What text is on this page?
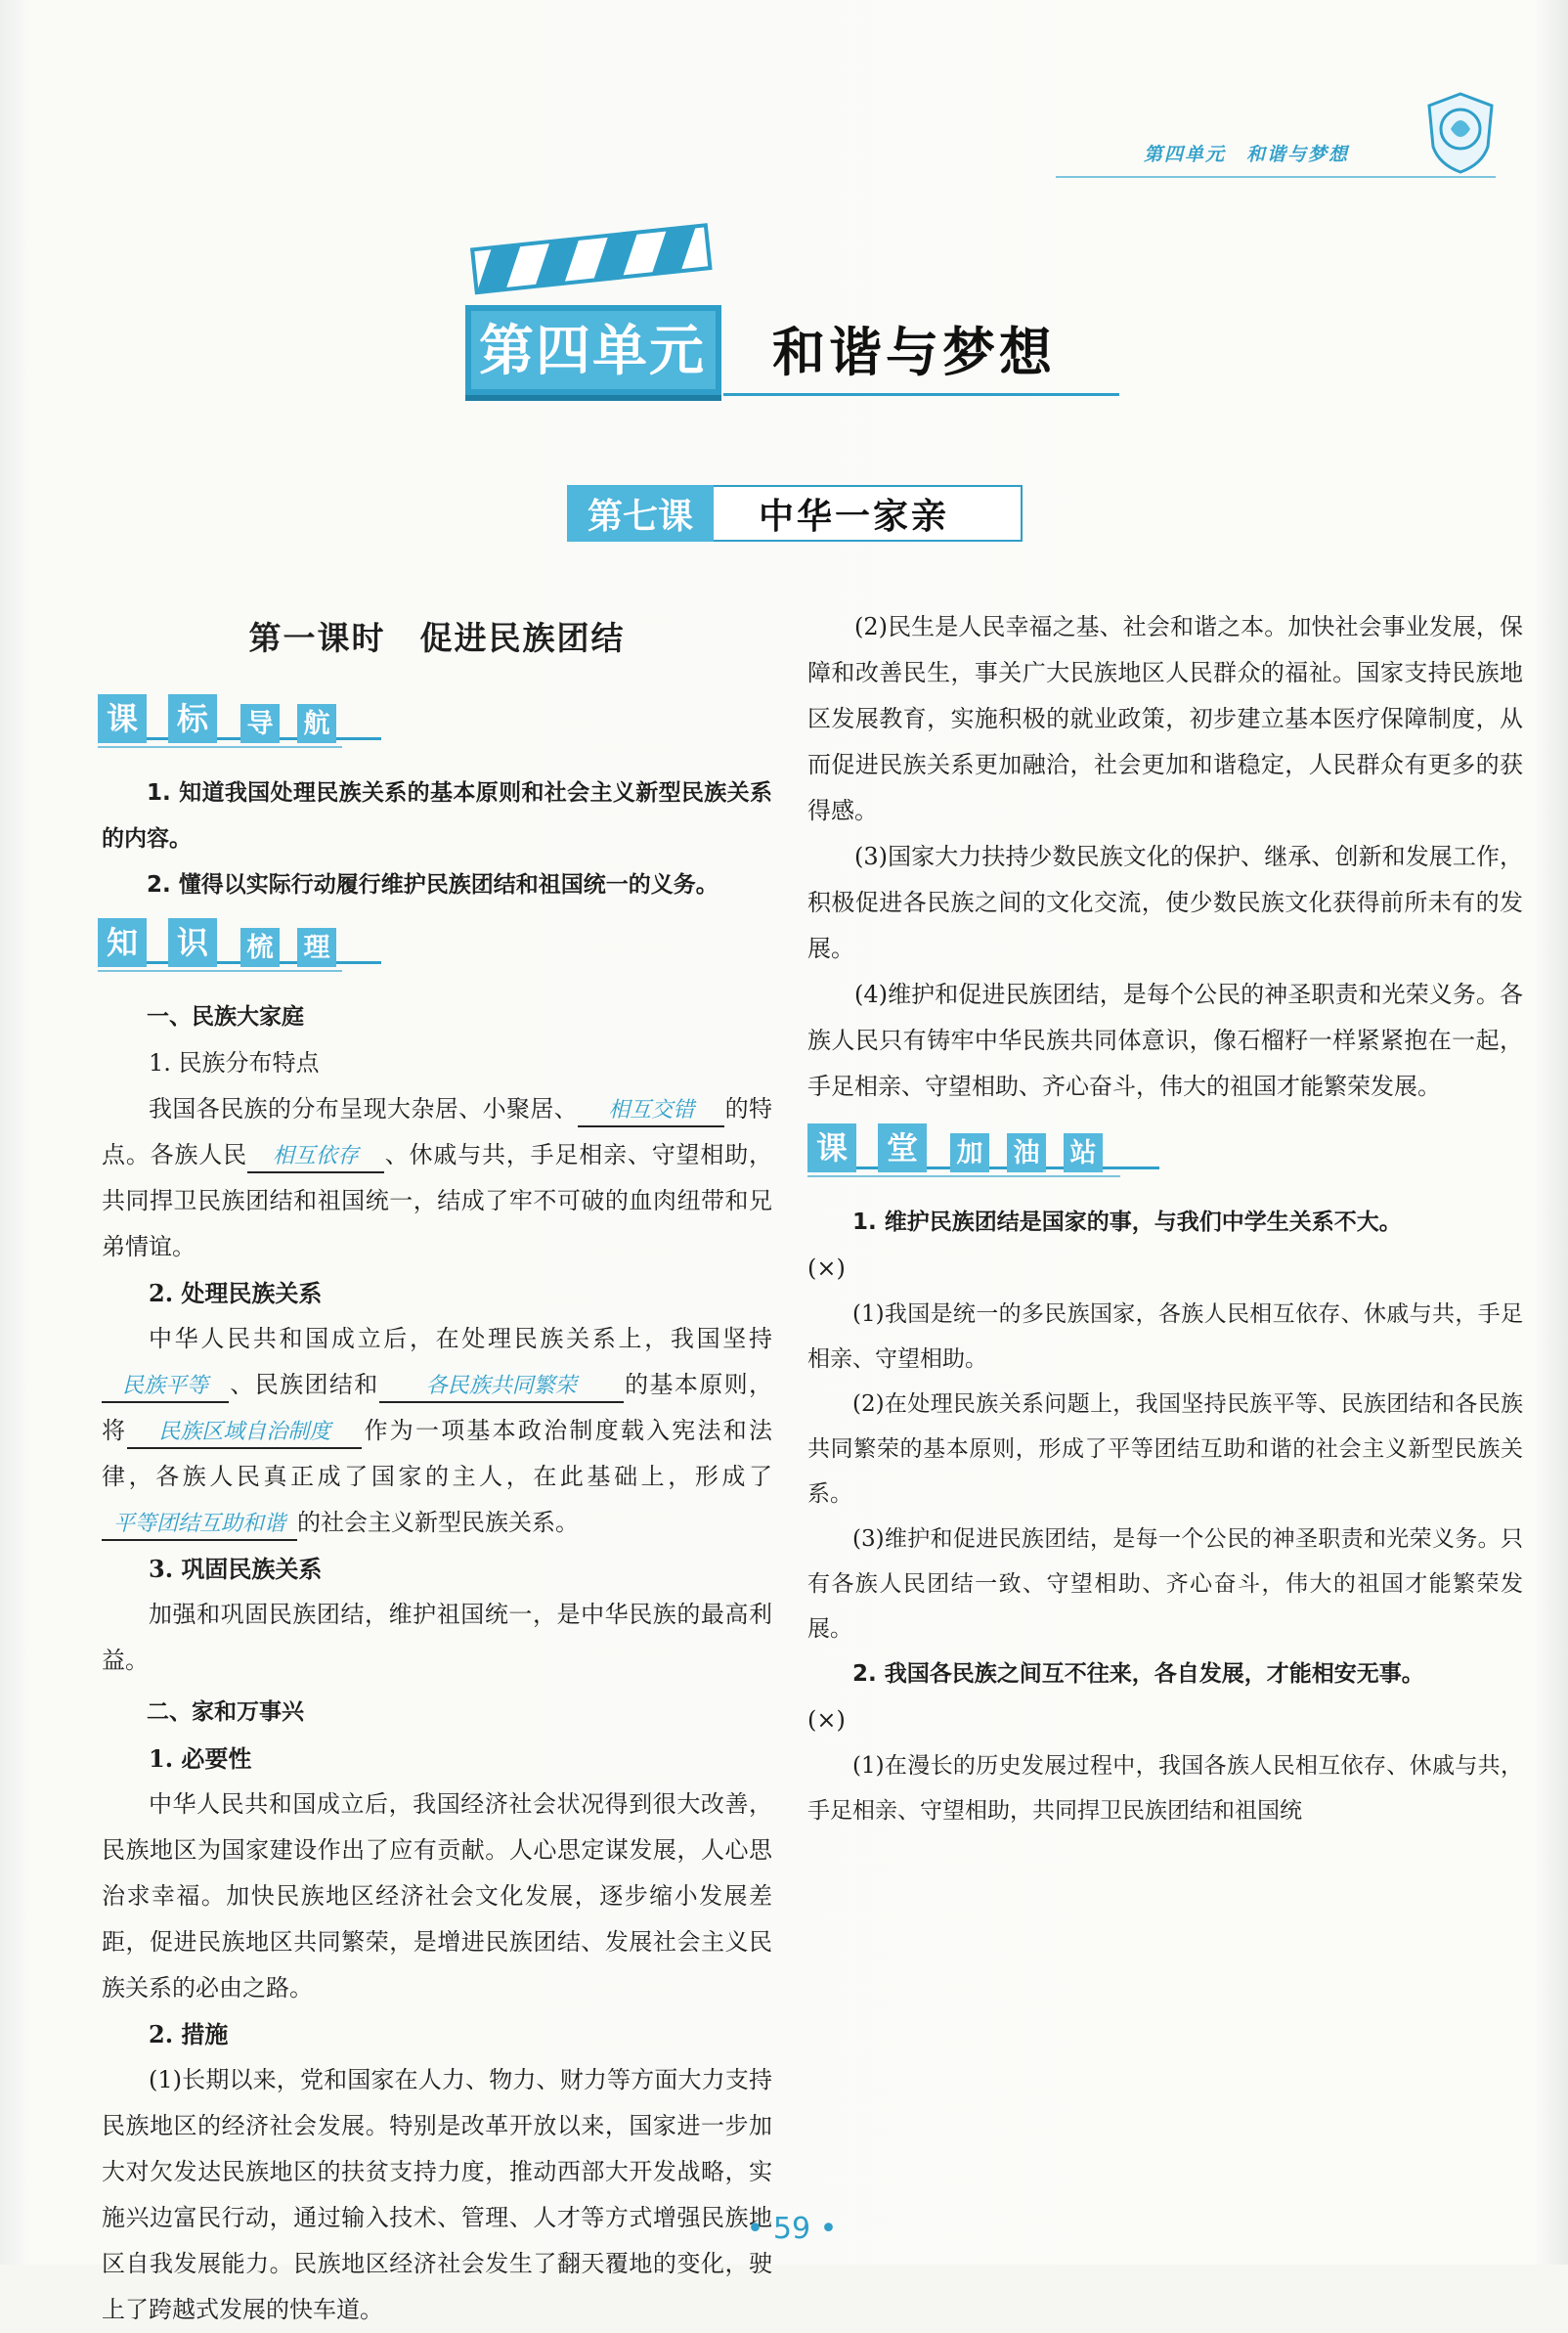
第四单元　和谐与梦想
第四单元 和谐与梦想
第七课	中华一家亲
第一课时　促进民族团结
课 标	导 航

1. 知道我国处理民族关系的基本原则和社会主义新型民族关系的内容。

2. 懂得以实际行动履行维护民族团结和祖国统一的义务。

知 识	梳 理

一、民族大家庭

1. 民族分布特点

我国各民族的分布呈现大杂居、小聚居、 相互交错 的特点。各族人民 相互依存 、休戚与共，手足相亲、守望相助，共同捍卫民族团结和祖国统一，结成了牢不可破的血肉纽带和兄弟情谊。

2. 处理民族关系

中华人民共和国成立后，在处理民族关系上，我国坚持民族平等 、民族团结和 各民族共同繁荣 的基本原则，将 民族区域自治制度 作为一项基本政治制度载入宪法和法律，各族人民真正成了国家的主人，在此基础上，形成了平等团结互助和谐 的社会主义新型民族关系。

3. 巩固民族关系

加强和巩固民族团结，维护祖国统一，是中华民族的最高利益。

二、家和万事兴

1. 必要性

中华人民共和国成立后，我国经济社会状况得到很大改善，民族地区为国家建设作出了应有贡献。人心思定谋发展，人心思治求幸福。加快民族地区经济社会文化发展，逐步缩小发展差距，促进民族地区共同繁荣，是增进民族团结、发展社会主义民族关系的必由之路。

2. 措施

(1)长期以来，党和国家在人力、物力、财力等方面大力支持民族地区的经济社会发展。特别是改革开放以来，国家进一步加大对欠发达民族地区的扶贫支持力度，推动西部大开发战略，实施兴边富民行动，通过输入技术、管理、人才等方式增强民族地区自我发展能力。民族地区经济社会发生了翻天覆地的变化，驶上了跨越式发展的快车道。

(2)民生是人民幸福之基、社会和谐之本。加快社会事业发展，保障和改善民生，事关广大民族地区人民群众的福祉。国家支持民族地区发展教育，实施积极的就业政策，初步建立基本医疗保障制度，从而促进民族关系更加融洽，社会更加和谐稳定，人民群众有更多的获得感。

(3)国家大力扶持少数民族文化的保护、继承、创新和发展工作，积极促进各民族之间的文化交流，使少数民族文化获得前所未有的发展。

(4)维护和促进民族团结，是每个公民的神圣职责和光荣义务。各族人民只有铸牢中华民族共同体意识，像石榴籽一样紧紧抱在一起，手足相亲、守望相助、齐心奋斗，伟大的祖国才能繁荣发展。

课 堂	加 油 站

1. 维护民族团结是国家的事，与我们中学生关系不大。

(×)

(1)我国是统一的多民族国家，各族人民相互依存、休戚与共，手足相亲、守望相助。

(2)在处理民族关系问题上，我国坚持民族平等、民族团结和各民族共同繁荣的基本原则，形成了平等团结互助和谐的社会主义新型民族关系。

(3)维护和促进民族团结，是每一个公民的神圣职责和光荣义务。只有各族人民团结一致、守望相助、齐心奋斗，伟大的祖国才能繁荣发展。

2. 我国各民族之间互不往来，各自发展，才能相安无事。

(×)

(1)在漫长的历史发展过程中，我国各族人民相互依存、休戚与共，手足相亲、守望相助，共同捍卫民族团结和祖国统

• 59 •
